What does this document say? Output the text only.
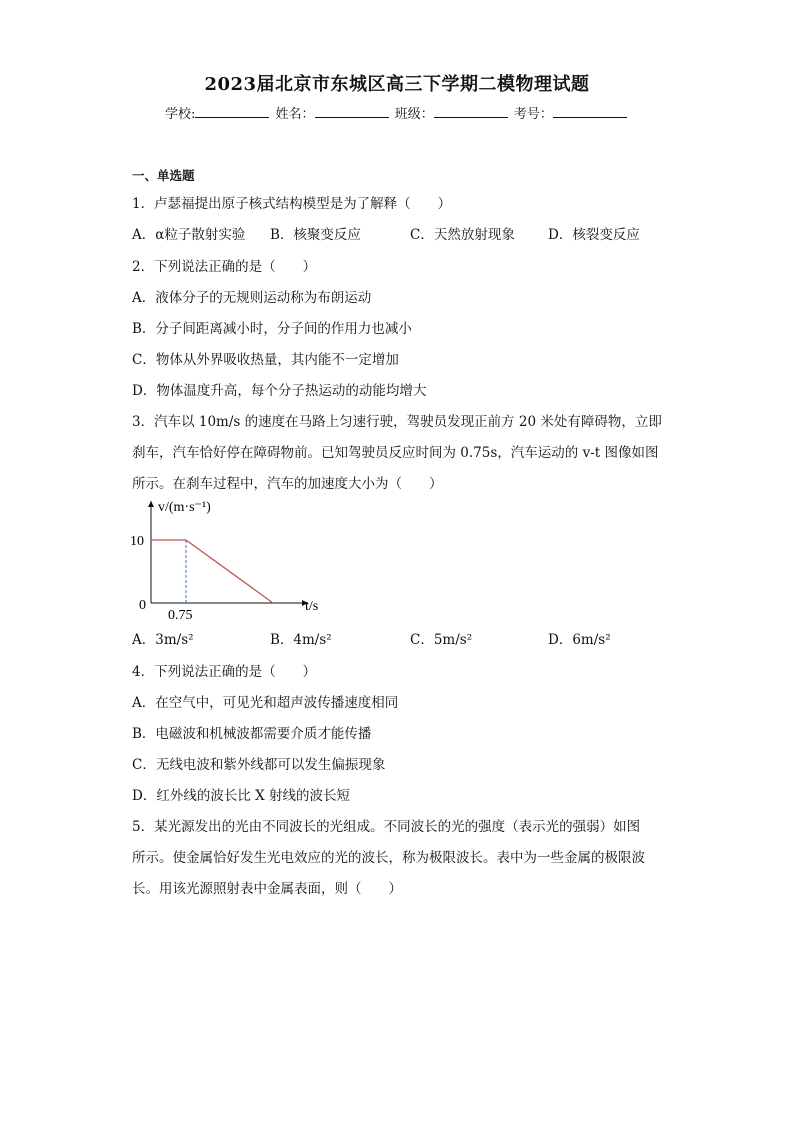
2023届北京市东城区高三下学期二模物理试题
学校:	姓名：	班级：	考号：
一、单选题
1．卢瑟福提出原子核式结构模型是为了解释（　　）
A．α粒子散射实验 B．核聚变反应	C．天然放射现象 D．核裂变反应
2．下列说法正确的是（　　）
A．液体分子的无规则运动称为布朗运动
B．分子间距离减小时，分子间的作用力也减小
C．物体从外界吸收热量，其内能不一定增加
D．物体温度升高，每个分子热运动的动能均增大
3．汽车以 10m/s 的速度在马路上匀速行驶，驾驶员发现正前方 20 米处有障碍物，立即
刹车，汽车恰好停在障碍物前。已知驾驶员反应时间为 0.75s，汽车运动的 v-t 图像如图
所示。在刹车过程中，汽车的加速度大小为（　　）
v/(m·s⁻¹)
t/s
10
0
0.75
A．3m/s²	B．4m/s²	C．5m/s²	D．6m/s²
4．下列说法正确的是（　　）
A．在空气中，可见光和超声波传播速度相同
B．电磁波和机械波都需要介质才能传播
C．无线电波和紫外线都可以发生偏振现象
D．红外线的波长比 X 射线的波长短
5．某光源发出的光由不同波长的光组成。不同波长的光的强度（表示光的强弱）如图
所示。使金属恰好发生光电效应的光的波长，称为极限波长。表中为一些金属的极限波
长。用该光源照射表中金属表面，则（　　）
